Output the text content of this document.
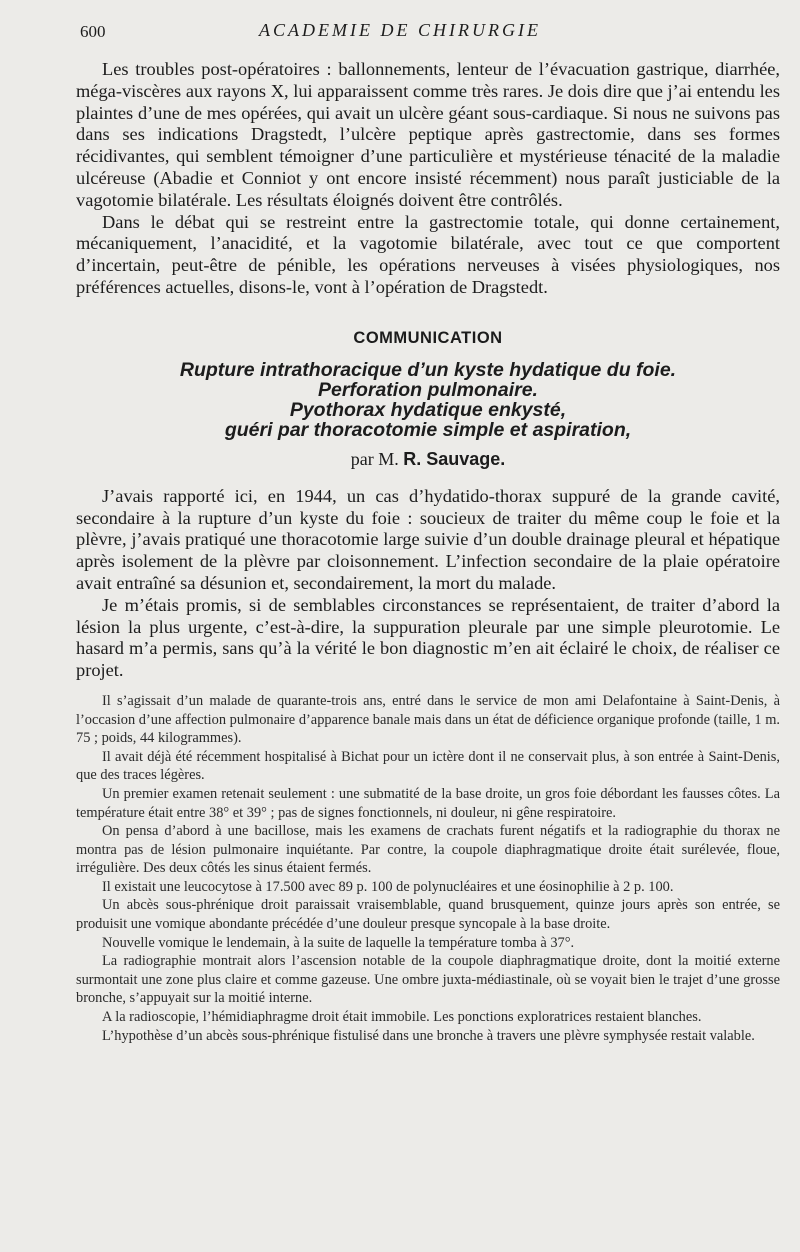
600	ACADEMIE DE CHIRURGIE

Les troubles post-opératoires : ballonnements, lenteur de l’évacuation gastrique, diarrhée, méga-viscères aux rayons X, lui apparaissent comme très rares. Je dois dire que j’ai entendu les plaintes d’une de mes opérées, qui avait un ulcère géant sous-cardiaque. Si nous ne suivons pas dans ses indications Dragstedt, l’ulcère peptique après gastrectomie, dans ses formes récidivantes, qui semblent témoigner d’une particulière et mystérieuse ténacité de la maladie ulcéreuse (Abadie et Conniot y ont encore insisté récemment) nous paraît justiciable de la vagotomie bilatérale. Les résultats éloignés doivent être contrôlés.

Dans le débat qui se restreint entre la gastrectomie totale, qui donne certainement, mécaniquement, l’anacidité, et la vagotomie bilatérale, avec tout ce que comportent d’incertain, peut-être de pénible, les opérations nerveuses à visées physiologiques, nos préférences actuelles, disons-le, vont à l’opération de Dragstedt.

COMMUNICATION

Rupture intrathoracique d’un kyste hydatique du foie.

Perforation pulmonaire.

Pyothorax hydatique enkysté,

guéri par thoracotomie simple et aspiration,

par M. R. Sauvage.

J’avais rapporté ici, en 1944, un cas d’hydatido-thorax suppuré de la grande cavité, secondaire à la rupture d’un kyste du foie : soucieux de traiter du même coup le foie et la plèvre, j’avais pratiqué une thoracotomie large suivie d’un double drainage pleural et hépatique après isolement de la plèvre par cloisonnement. L’infection secondaire de la plaie opératoire avait entraîné sa désunion et, secondairement, la mort du malade.

Je m’étais promis, si de semblables circonstances se représentaient, de traiter d’abord la lésion la plus urgente, c’est-à-dire, la suppuration pleurale par une simple pleurotomie. Le hasard m’a permis, sans qu’à la vérité le bon diagnostic m’en ait éclairé le choix, de réaliser ce projet.

Il s’agissait d’un malade de quarante-trois ans, entré dans le service de mon ami Delafontaine à Saint-Denis, à l’occasion d’une affection pulmonaire d’apparence banale mais dans un état de déficience organique profonde (taille, 1 m. 75 ; poids, 44 kilogrammes).

Il avait déjà été récemment hospitalisé à Bichat pour un ictère dont il ne conservait plus, à son entrée à Saint-Denis, que des traces légères.

Un premier examen retenait seulement : une submatité de la base droite, un gros foie débordant les fausses côtes. La température était entre 38° et 39° ; pas de signes fonctionnels, ni douleur, ni gêne respiratoire.

On pensa d’abord à une bacillose, mais les examens de crachats furent négatifs et la radiographie du thorax ne montra pas de lésion pulmonaire inquiétante. Par contre, la coupole diaphragmatique droite était surélevée, floue, irrégulière. Des deux côtés les sinus étaient fermés.

Il existait une leucocytose à 17.500 avec 89 p. 100 de polynucléaires et une éosinophilie à 2 p. 100.

Un abcès sous-phrénique droit paraissait vraisemblable, quand brusquement, quinze jours après son entrée, se produisit une vomique abondante précédée d’une douleur presque syncopale à la base droite.

Nouvelle vomique le lendemain, à la suite de laquelle la température tomba à 37°.

La radiographie montrait alors l’ascension notable de la coupole diaphragmatique droite, dont la moitié externe surmontait une zone plus claire et comme gazeuse. Une ombre juxta-médiastinale, où se voyait bien le trajet d’une grosse bronche, s’appuyait sur la moitié interne.

A la radioscopie, l’hémidiaphragme droit était immobile. Les ponctions exploratrices restaient blanches.

L’hypothèse d’un abcès sous-phrénique fistulisé dans une bronche à travers une plèvre symphysée restait valable.
